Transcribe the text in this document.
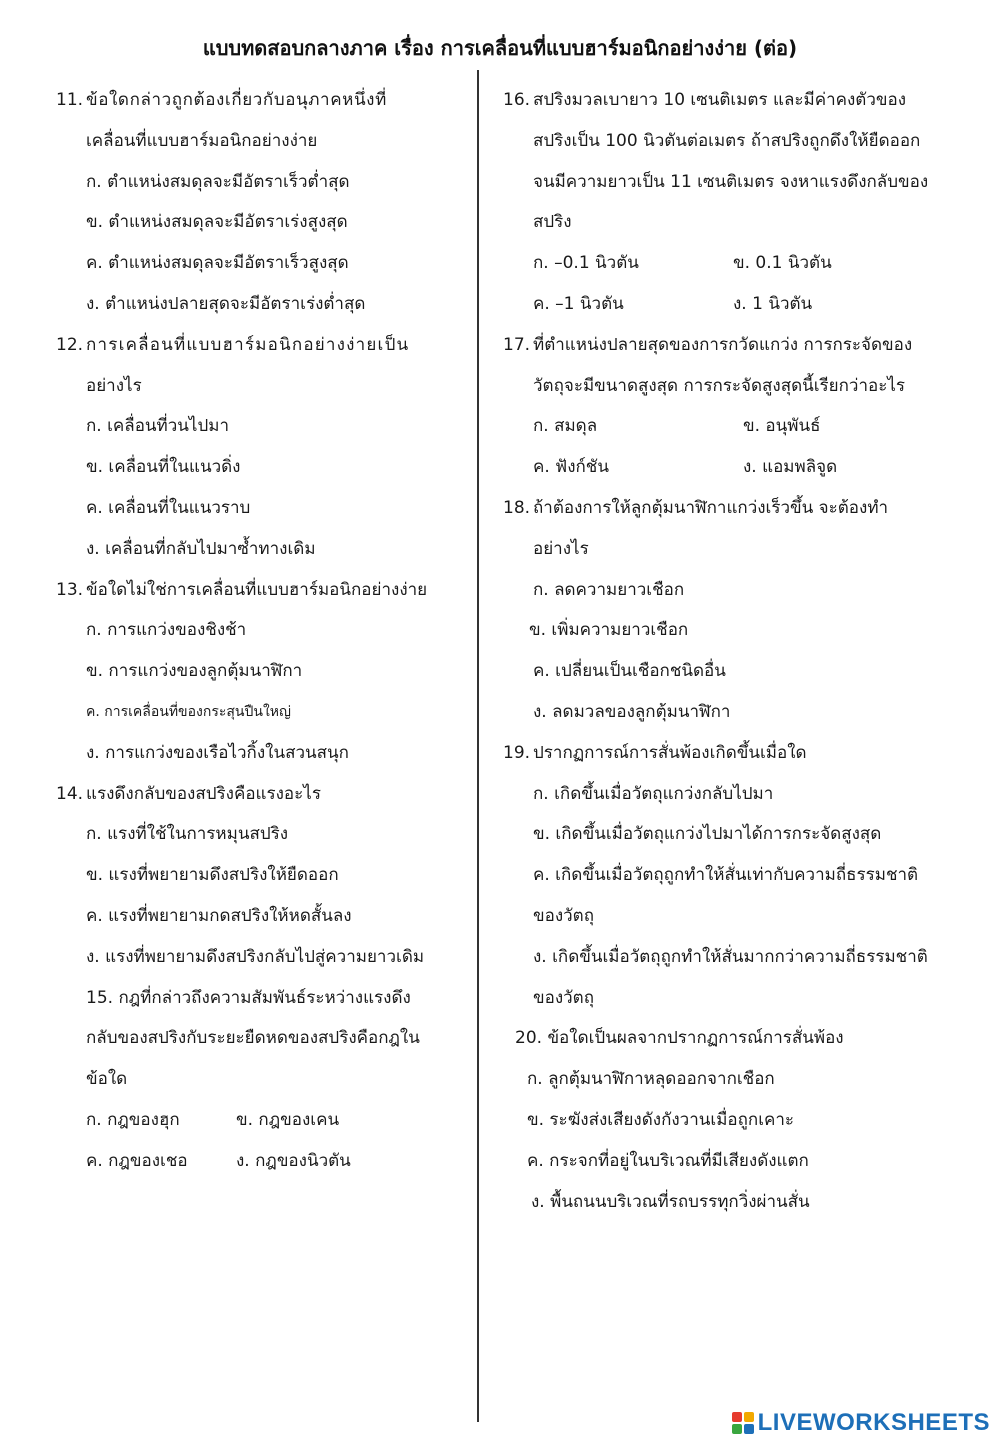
แบบทดสอบกลางภาค เรื่อง การเคลื่อนที่แบบฮาร์มอนิกอย่างง่าย (ต่อ)
11. ข้อใดกล่าวถูกต้องเกี่ยวกับอนุภาคหนึ่งที่
เคลื่อนที่แบบฮาร์มอนิกอย่างง่าย
ก. ตำแหน่งสมดุลจะมีอัตราเร็วต่ำสุด
ข. ตำแหน่งสมดุลจะมีอัตราเร่งสูงสุด
ค. ตำแหน่งสมดุลจะมีอัตราเร็วสูงสุด
ง. ตำแหน่งปลายสุดจะมีอัตราเร่งต่ำสุด
12. การเคลื่อนที่แบบฮาร์มอนิกอย่างง่ายเป็น
อย่างไร
ก. เคลื่อนที่วนไปมา
ข. เคลื่อนที่ในแนวดิ่ง
ค. เคลื่อนที่ในแนวราบ
ง. เคลื่อนที่กลับไปมาซ้ำทางเดิม
13. ข้อใดไม่ใช่การเคลื่อนที่แบบฮาร์มอนิกอย่างง่าย
ก. การแกว่งของชิงช้า
ข. การแกว่งของลูกตุ้มนาฬิกา
ค. การเคลื่อนที่ของกระสุนปืนใหญ่
ง. การแกว่งของเรือไวกิ้งในสวนสนุก
14. แรงดึงกลับของสปริงคือแรงอะไร
ก. แรงที่ใช้ในการหมุนสปริง
ข. แรงที่พยายามดึงสปริงให้ยืดออก
ค. แรงที่พยายามกดสปริงให้หดสั้นลง
ง. แรงที่พยายามดึงสปริงกลับไปสู่ความยาวเดิม
15. กฎที่กล่าวถึงความสัมพันธ์ระหว่างแรงดึง
กลับของสปริงกับระยะยืดหดของสปริงคือกฎใน
ข้อใด
ก. กฎของฮุก	ข. กฎของเคน
ค. กฎของเชอ	ง. กฎของนิวตัน
16. สปริงมวลเบายาว 10 เซนติเมตร และมีค่าคงตัวของ
สปริงเป็น 100 นิวตันต่อเมตร ถ้าสปริงถูกดึงให้ยืดออก
จนมีความยาวเป็น 11 เซนติเมตร จงหาแรงดึงกลับของ
สปริง
ก. –0.1 นิวตัน	ข. 0.1 นิวตัน
ค. –1 นิวตัน	ง. 1 นิวตัน
17. ที่ตำแหน่งปลายสุดของการกวัดแกว่ง การกระจัดของ
วัตถุจะมีขนาดสูงสุด การกระจัดสูงสุดนี้เรียกว่าอะไร
ก. สมดุล	ข. อนุพันธ์
ค. ฟังก์ชัน	ง. แอมพลิจูด
18. ถ้าต้องการให้ลูกตุ้มนาฬิกาแกว่งเร็วขึ้น จะต้องทำ
อย่างไร
ก. ลดความยาวเชือก
ข. เพิ่มความยาวเชือก
ค. เปลี่ยนเป็นเชือกชนิดอื่น
ง. ลดมวลของลูกตุ้มนาฬิกา
19. ปรากฏการณ์การสั่นพ้องเกิดขึ้นเมื่อใด
ก. เกิดขึ้นเมื่อวัตถุแกว่งกลับไปมา
ข. เกิดขึ้นเมื่อวัตถุแกว่งไปมาได้การกระจัดสูงสุด
ค. เกิดขึ้นเมื่อวัตถุถูกทำให้สั่นเท่ากับความถี่ธรรมชาติ
ของวัตถุ
ง. เกิดขึ้นเมื่อวัตถุถูกทำให้สั่นมากกว่าความถี่ธรรมชาติ
ของวัตถุ
20. ข้อใดเป็นผลจากปรากฏการณ์การสั่นพ้อง
ก. ลูกตุ้มนาฬิกาหลุดออกจากเชือก
ข. ระฆังส่งเสียงดังกังวานเมื่อถูกเคาะ
ค. กระจกที่อยู่ในบริเวณที่มีเสียงดังแตก
ง. พื้นถนนบริเวณที่รถบรรทุกวิ่งผ่านสั่น
LIVEWORKSHEETS
